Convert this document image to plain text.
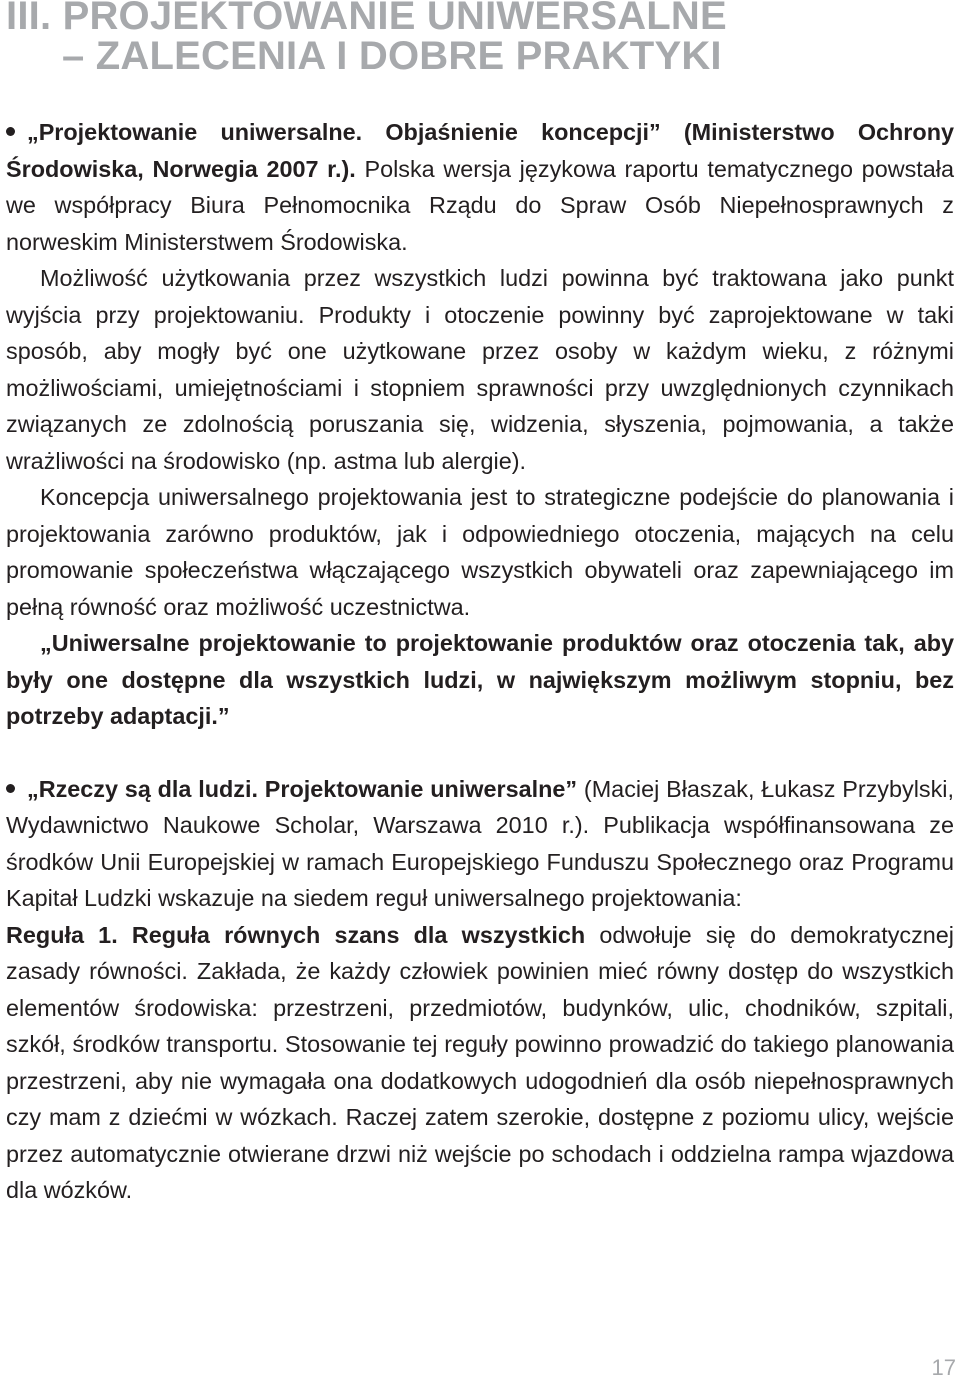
III. PROJEKTOWANIE UNIWERSALNE
– ZALECENIA I DOBRE PRAKTYKI

„Projektowanie uniwersalne. Objaśnienie koncepcji” (Ministerstwo Ochrony Środowiska, Norwegia 2007 r.). Polska wersja językowa raportu tematycznego powstała we współpracy Biura Pełnomocnika Rządu do Spraw Osób Niepełnosprawnych z norweskim Ministerstwem Środowiska.

Możliwość użytkowania przez wszystkich ludzi powinna być traktowana jako punkt wyjścia przy projektowaniu. Produkty i otoczenie powinny być zaprojektowane w taki sposób, aby mogły być one użytkowane przez osoby w każdym wieku, z różnymi możliwościami, umiejętnościami i stopniem sprawności przy uwzględnionych czynnikach związanych ze zdolnością poruszania się, widzenia, słyszenia, pojmowania, a także wrażliwości na środowisko (np. astma lub alergie).

Koncepcja uniwersalnego projektowania jest to strategiczne podejście do planowania i projektowania zarówno produktów, jak i odpowiedniego otoczenia, mających na celu promowanie społeczeństwa włączającego wszystkich obywateli oraz zapewniającego im pełną równość oraz możliwość uczestnictwa.

„Uniwersalne projektowanie to projektowanie produktów oraz otoczenia tak, aby były one dostępne dla wszystkich ludzi, w największym możliwym stopniu, bez potrzeby adaptacji.”

„Rzeczy są dla ludzi. Projektowanie uniwersalne” (Maciej Błaszak, Łukasz Przybylski, Wydawnictwo Naukowe Scholar, Warszawa 2010 r.). Publikacja współfinansowana ze środków Unii Europejskiej w ramach Europejskiego Funduszu Społecznego oraz Programu Kapitał Ludzki wskazuje na siedem reguł uniwersalnego projektowania:

Reguła 1. Reguła równych szans dla wszystkich odwołuje się do demokratycznej zasady równości. Zakłada, że każdy człowiek powinien mieć równy dostęp do wszystkich elementów środowiska: przestrzeni, przedmiotów, budynków, ulic, chodników, szpitali, szkół, środków transportu. Stosowanie tej reguły powinno prowadzić do takiego planowania przestrzeni, aby nie wymagała ona dodatkowych udogodnień dla osób niepełnosprawnych czy mam z dziećmi w wózkach. Raczej zatem szerokie, dostępne z poziomu ulicy, wejście przez automatycznie otwierane drzwi niż wejście po schodach i oddzielna rampa wjazdowa dla wózków.

17
